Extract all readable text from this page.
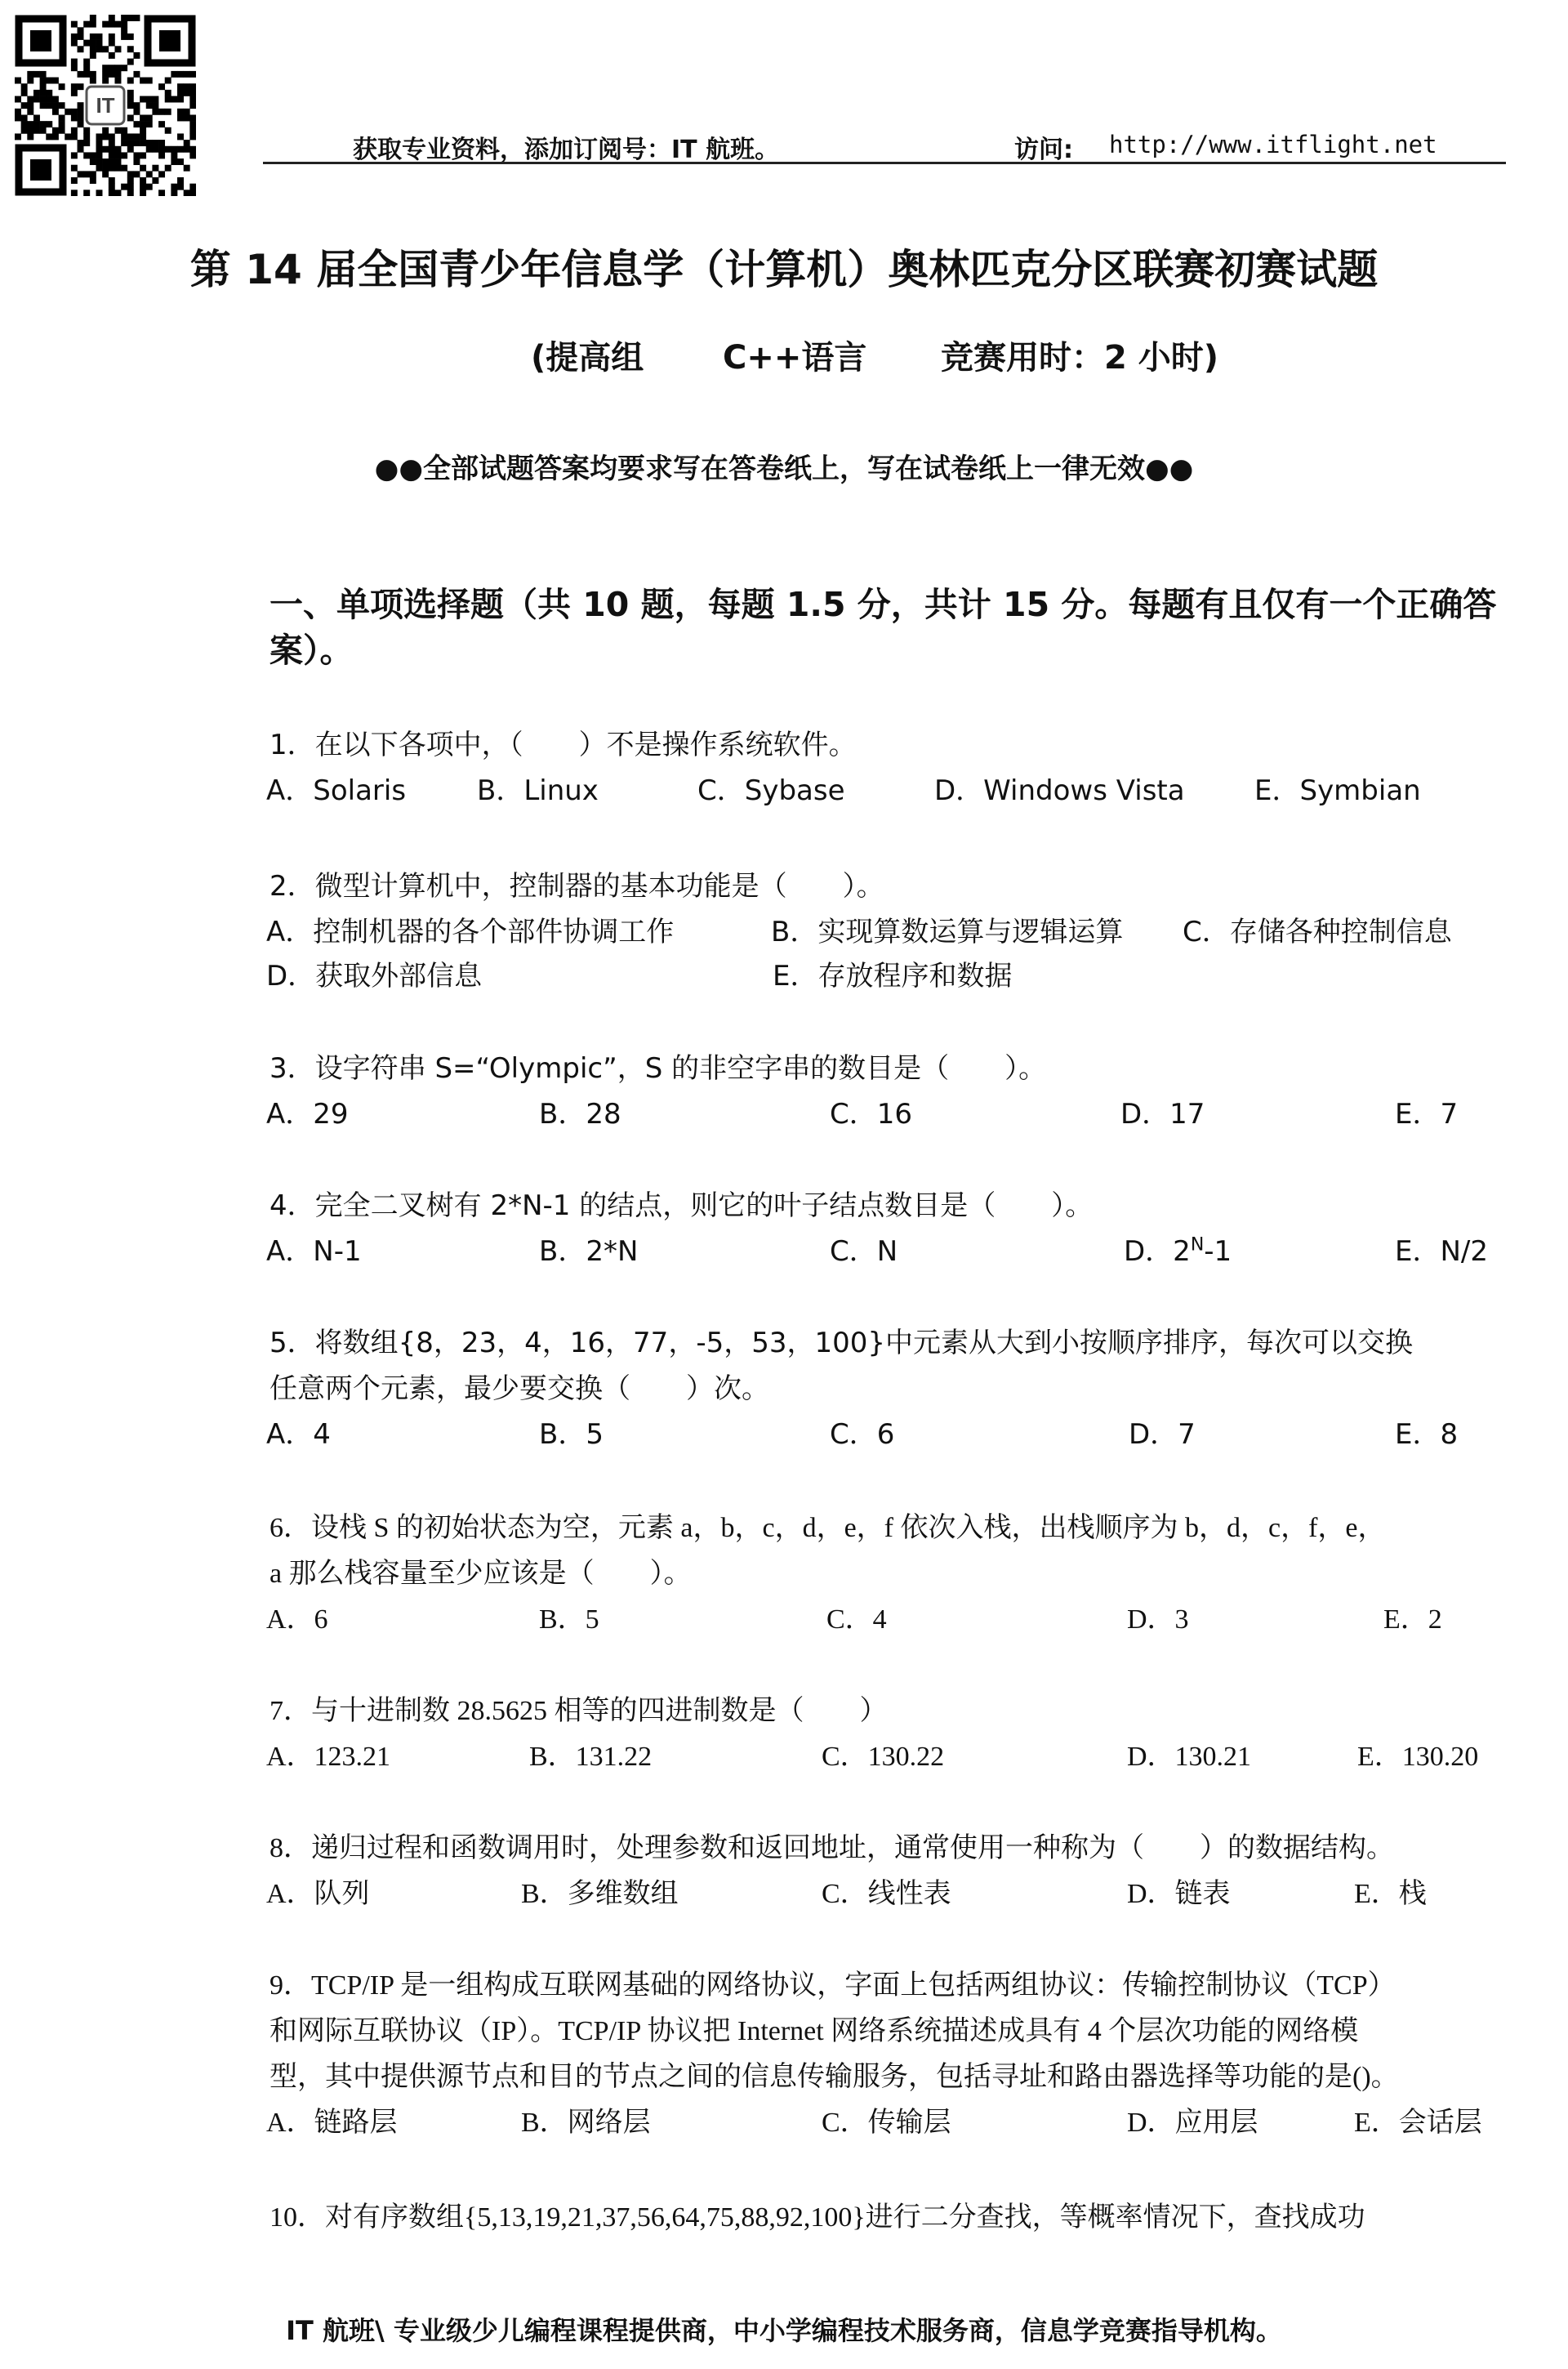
IT
获取专业资料，添加订阅号：IT 航班。	访问: http://www.itflight.net
第 14 届全国青少年信息学（计算机）奥林匹克分区联赛初赛试题
(提高组 C++语言 竞赛用时：2 小时)
●●全部试题答案均要求写在答卷纸上，写在试卷纸上一律无效●●
一、单项选择题（共 10 题，每题 1.5 分，共计 15 分。每题有且仅有一个正确答案）。
1．在以下各项中，（　　）不是操作系统软件。
A．Solaris	B．Linux	C．Sybase	D．Windows Vista	E．Symbian
2．微型计算机中，控制器的基本功能是（　　）。
A．控制机器的各个部件协调工作	B．实现算数运算与逻辑运算 C．存储各种控制信息
D．获取外部信息	E．存放程序和数据
3．设字符串 S=“Olympic”，S 的非空字串的数目是（　　）。
A．29	B．28	C．16	D．17	E．7
4．完全二叉树有 2*N-1 的结点，则它的叶子结点数目是（　　）。
A．N-1	B．2*N	C．N	D．$2^N-1$	E．N/2
5．将数组{8，23，4，16，77，-5，53，100}中元素从大到小按顺序排序，每次可以交换
任意两个元素，最少要交换（　　）次。
A．4	B．5	C．6	D．7	E．8
6．设栈 S 的初始状态为空，元素 a，b，c，d，e，f 依次入栈，出栈顺序为 b，d，c，f，e，
a 那么栈容量至少应该是（　　）。
A．6	B．5	C．4	D．3	E．2
7．与十进制数 28.5625 相等的四进制数是（　　）
A．123.21	B．131.22	C．130.22	D．130.21	E．130.20
8．递归过程和函数调用时，处理参数和返回地址，通常使用一种称为（　　）的数据结构。
A．队列	B．多维数组	C．线性表	D．链表	E．栈
9．TCP/IP 是一组构成互联网基础的网络协议，字面上包括两组协议：传输控制协议（TCP）
和网际互联协议（IP）。TCP/IP 协议把 Internet 网络系统描述成具有 4 个层次功能的网络模
型，其中提供源节点和目的节点之间的信息传输服务，包括寻址和路由器选择等功能的是()。
A．链路层	B．网络层	C．传输层	D．应用层	E．会话层
10．对有序数组{5,13,19,21,37,56,64,75,88,92,100}进行二分查找，等概率情况下，查找成功
IT 航班\ 专业级少儿编程课程提供商，中小学编程技术服务商，信息学竞赛指导机构。
